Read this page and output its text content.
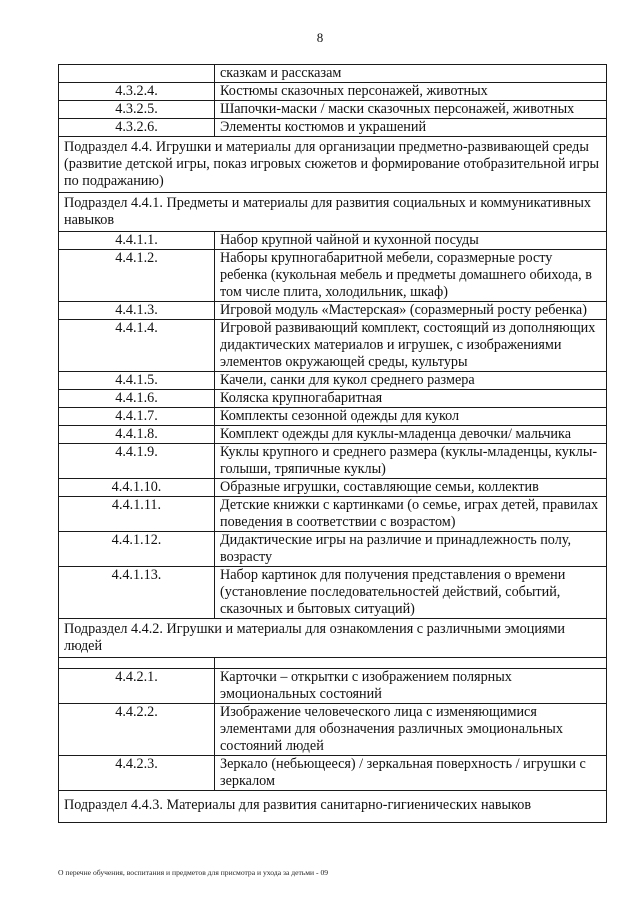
8
	сказкам и рассказам
4.3.2.4.	Костюмы сказочных персонажей, животных
4.3.2.5.	Шапочки-маски / маски сказочных персонажей, животных
4.3.2.6.	Элементы костюмов и украшений
Подраздел 4.4. Игрушки и материалы для организации предметно-развивающей среды (развитие детской игры, показ игровых сюжетов и формирование отобразительной игры по подражанию)	
Подраздел 4.4.1. Предметы и материалы для развития социальных и коммуникативных навыков	
4.4.1.1.	Набор крупной чайной и кухонной посуды
4.4.1.2.	Наборы крупногабаритной мебели, соразмерные росту ребенка (кукольная мебель и предметы домашнего обихода, в том числе плита, холодильник, шкаф)
4.4.1.3.	Игровой модуль «Мастерская» (соразмерный росту ребенка)
4.4.1.4.	Игровой развивающий комплект, состоящий из дополняющих дидактических материалов и игрушек, с изображениями элементов окружающей среды, культуры
4.4.1.5.	Качели, санки для кукол среднего размера
4.4.1.6.	Коляска крупногабаритная
4.4.1.7.	Комплекты сезонной одежды для кукол
4.4.1.8.	Комплект одежды для куклы-младенца девочки/ мальчика
4.4.1.9.	Куклы крупного и среднего размера (куклы-младенцы, куклы-голыши, тряпичные куклы)
4.4.1.10.	Образные игрушки, составляющие семьи, коллектив
4.4.1.11.	Детские книжки с картинками (о семье, играх детей, правилах поведения в соответствии с возрастом)
4.4.1.12.	Дидактические игры на различие и принадлежность полу, возрасту
4.4.1.13.	Набор картинок для получения представления о времени (установление последовательностей действий, событий, сказочных и бытовых ситуаций)
Подраздел 4.4.2. Игрушки и материалы для ознакомления с различными эмоциями людей	

4.4.2.1.	Карточки – открытки с изображением полярных эмоциональных состояний
4.4.2.2.	Изображение человеческого лица с изменяющимися элементами для обозначения различных эмоциональных состояний людей
4.4.2.3.	Зеркало (небьющееся) / зеркальная поверхность / игрушки с зеркалом
Подраздел 4.4.3. Материалы для развития санитарно-гигиенических навыков	
О перечне обучения, воспитания и предметов для присмотра и ухода за детьми - 09
